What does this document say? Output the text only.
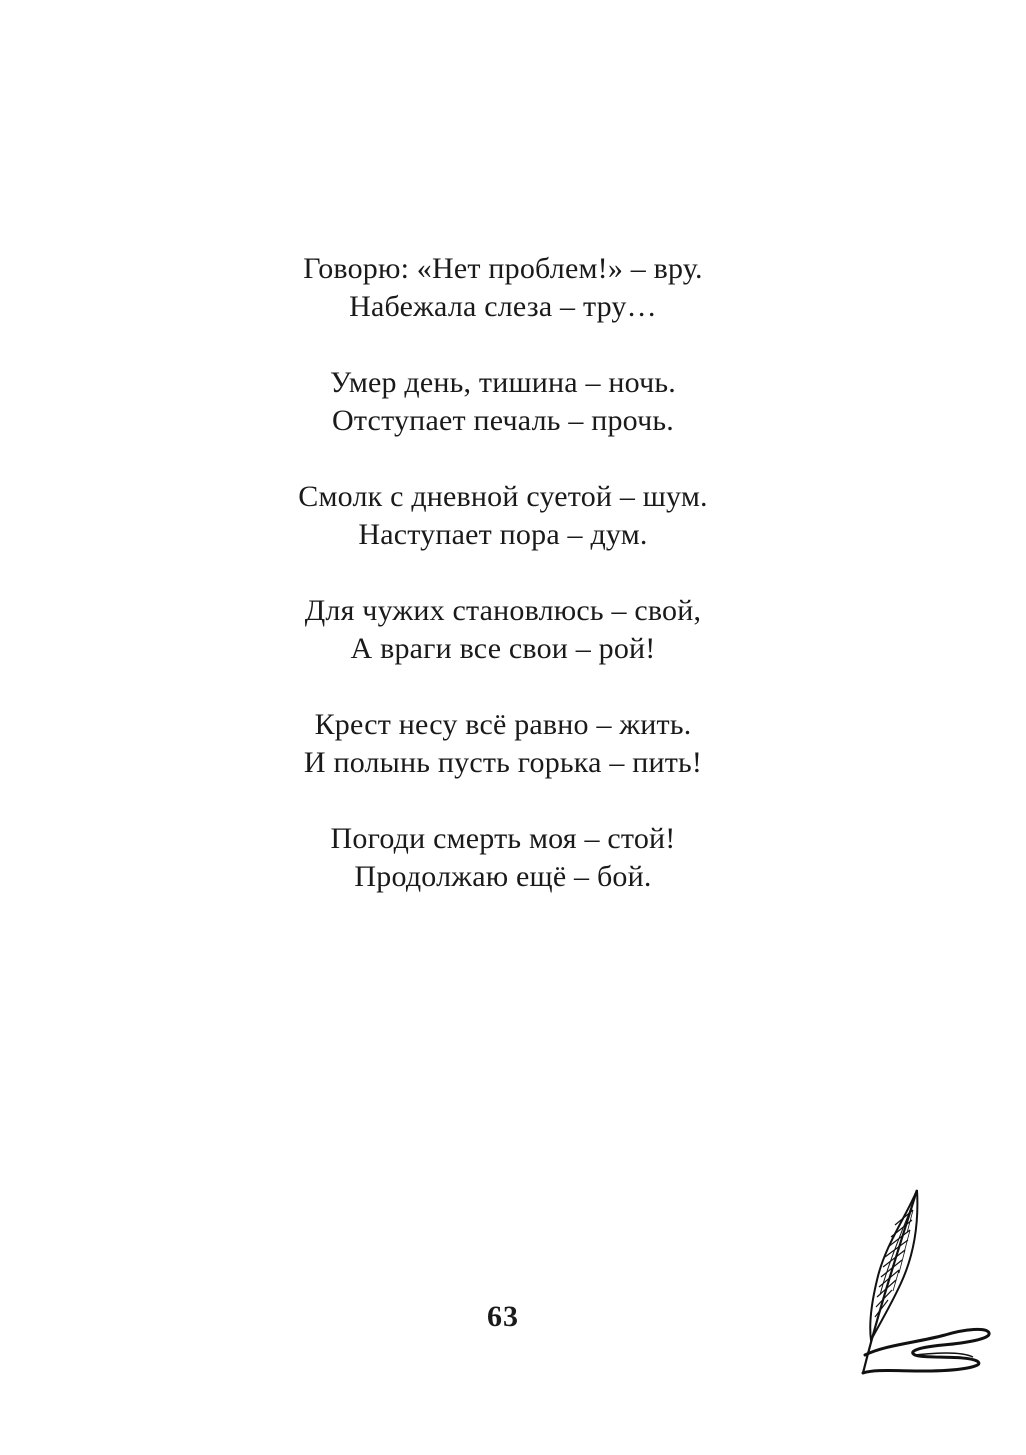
Говорю: «Нет проблем!» – вру.
Набежала слеза – тру…
Умер день, тишина – ночь.
Отступает печаль – прочь.
Смолк с дневной суетой – шум.
Наступает пора – дум.
Для чужих становлюсь – свой,
А враги все свои – рой!
Крест несу всё равно – жить.
И полынь пусть горька – пить!
Погоди смерть моя – стой!
Продолжаю ещё – бой.
63
